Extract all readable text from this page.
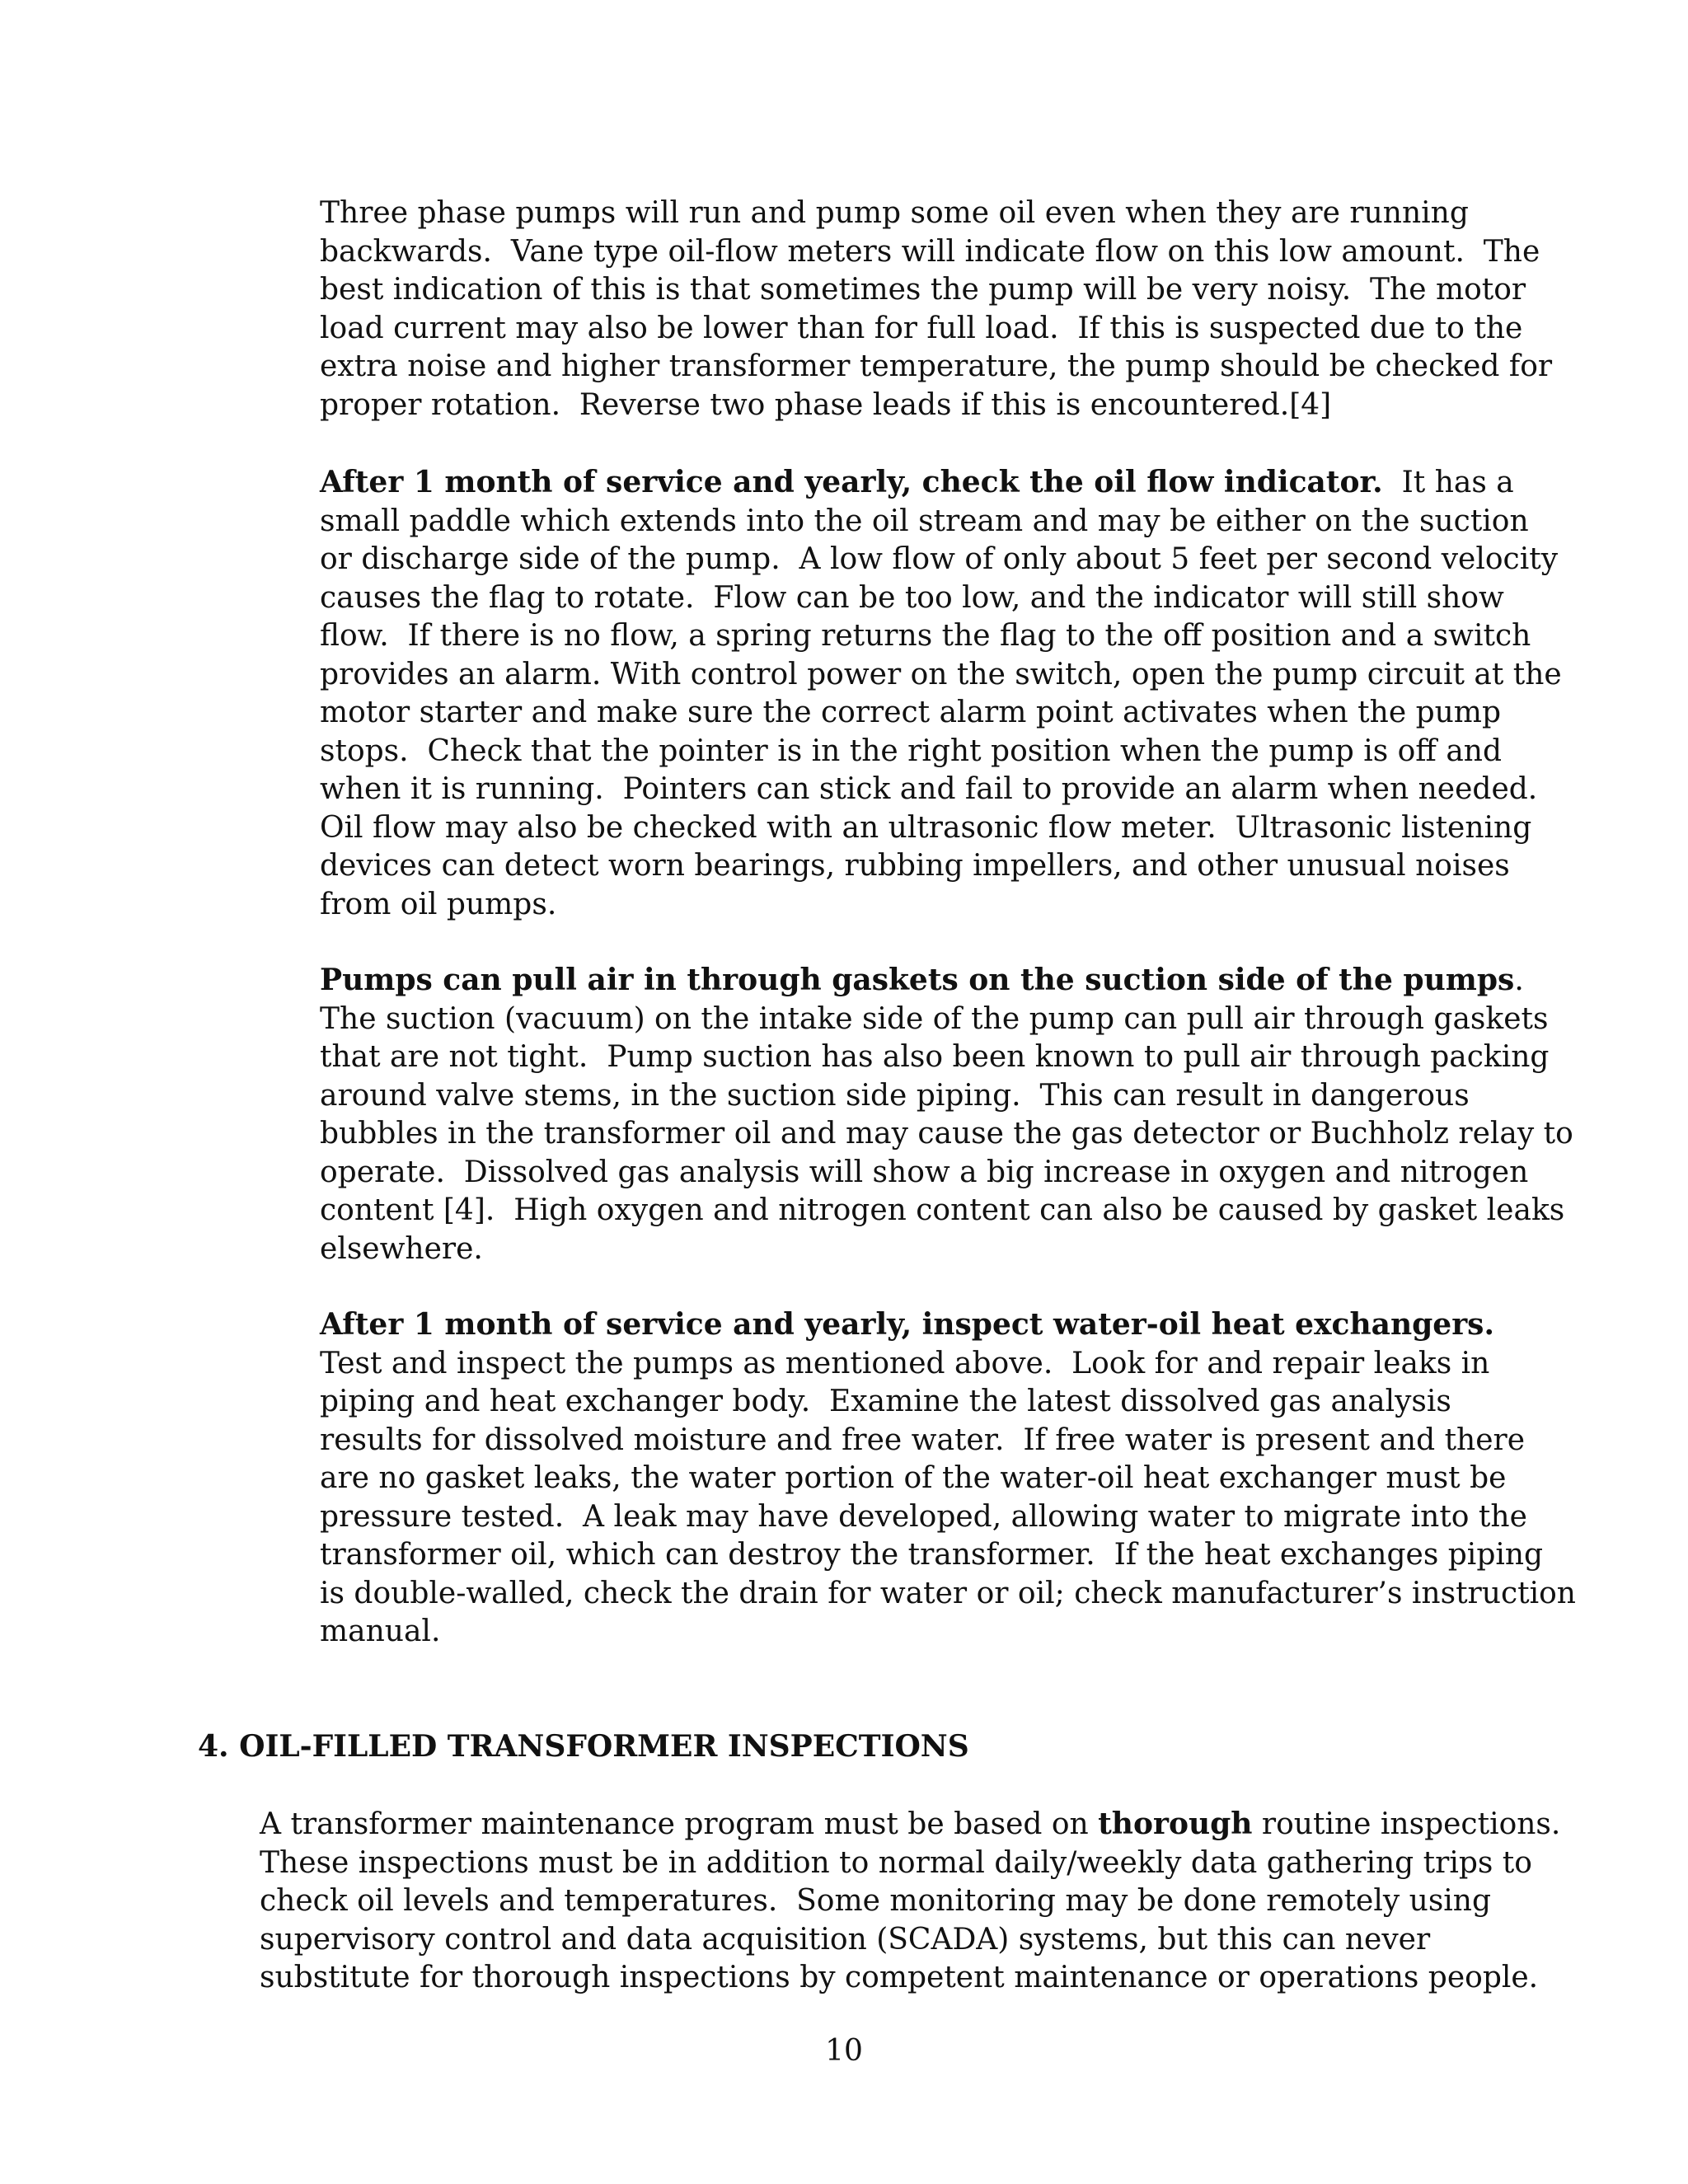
Three phase pumps will run and pump some oil even when they are running
backwards.  Vane type oil-flow meters will indicate flow on this low amount.  The
best indication of this is that sometimes the pump will be very noisy.  The motor
load current may also be lower than for full load.  If this is suspected due to the
extra noise and higher transformer temperature, the pump should be checked for
proper rotation.  Reverse two phase leads if this is encountered.[4]

After 1 month of service and yearly, check the oil flow indicator.  It has a
small paddle which extends into the oil stream and may be either on the suction
or discharge side of the pump.  A low flow of only about 5 feet per second velocity
causes the flag to rotate.  Flow can be too low, and the indicator will still show
flow.  If there is no flow, a spring returns the flag to the off position and a switch
provides an alarm. With control power on the switch, open the pump circuit at the
motor starter and make sure the correct alarm point activates when the pump
stops.  Check that the pointer is in the right position when the pump is off and
when it is running.  Pointers can stick and fail to provide an alarm when needed.
Oil flow may also be checked with an ultrasonic flow meter.  Ultrasonic listening
devices can detect worn bearings, rubbing impellers, and other unusual noises
from oil pumps.

Pumps can pull air in through gaskets on the suction side of the pumps.
The suction (vacuum) on the intake side of the pump can pull air through gaskets
that are not tight.  Pump suction has also been known to pull air through packing
around valve stems, in the suction side piping.  This can result in dangerous
bubbles in the transformer oil and may cause the gas detector or Buchholz relay to
operate.  Dissolved gas analysis will show a big increase in oxygen and nitrogen
content [4].  High oxygen and nitrogen content can also be caused by gasket leaks
elsewhere.

After 1 month of service and yearly, inspect water-oil heat exchangers.
Test and inspect the pumps as mentioned above.  Look for and repair leaks in
piping and heat exchanger body.  Examine the latest dissolved gas analysis
results for dissolved moisture and free water.  If free water is present and there
are no gasket leaks, the water portion of the water-oil heat exchanger must be
pressure tested.  A leak may have developed, allowing water to migrate into the
transformer oil, which can destroy the transformer.  If the heat exchanges piping
is double-walled, check the drain for water or oil; check manufacturer’s instruction
manual.

4. OIL-FILLED TRANSFORMER INSPECTIONS

A transformer maintenance program must be based on thorough routine inspections.
These inspections must be in addition to normal daily/weekly data gathering trips to
check oil levels and temperatures.  Some monitoring may be done remotely using
supervisory control and data acquisition (SCADA) systems, but this can never
substitute for thorough inspections by competent maintenance or operations people.

10
